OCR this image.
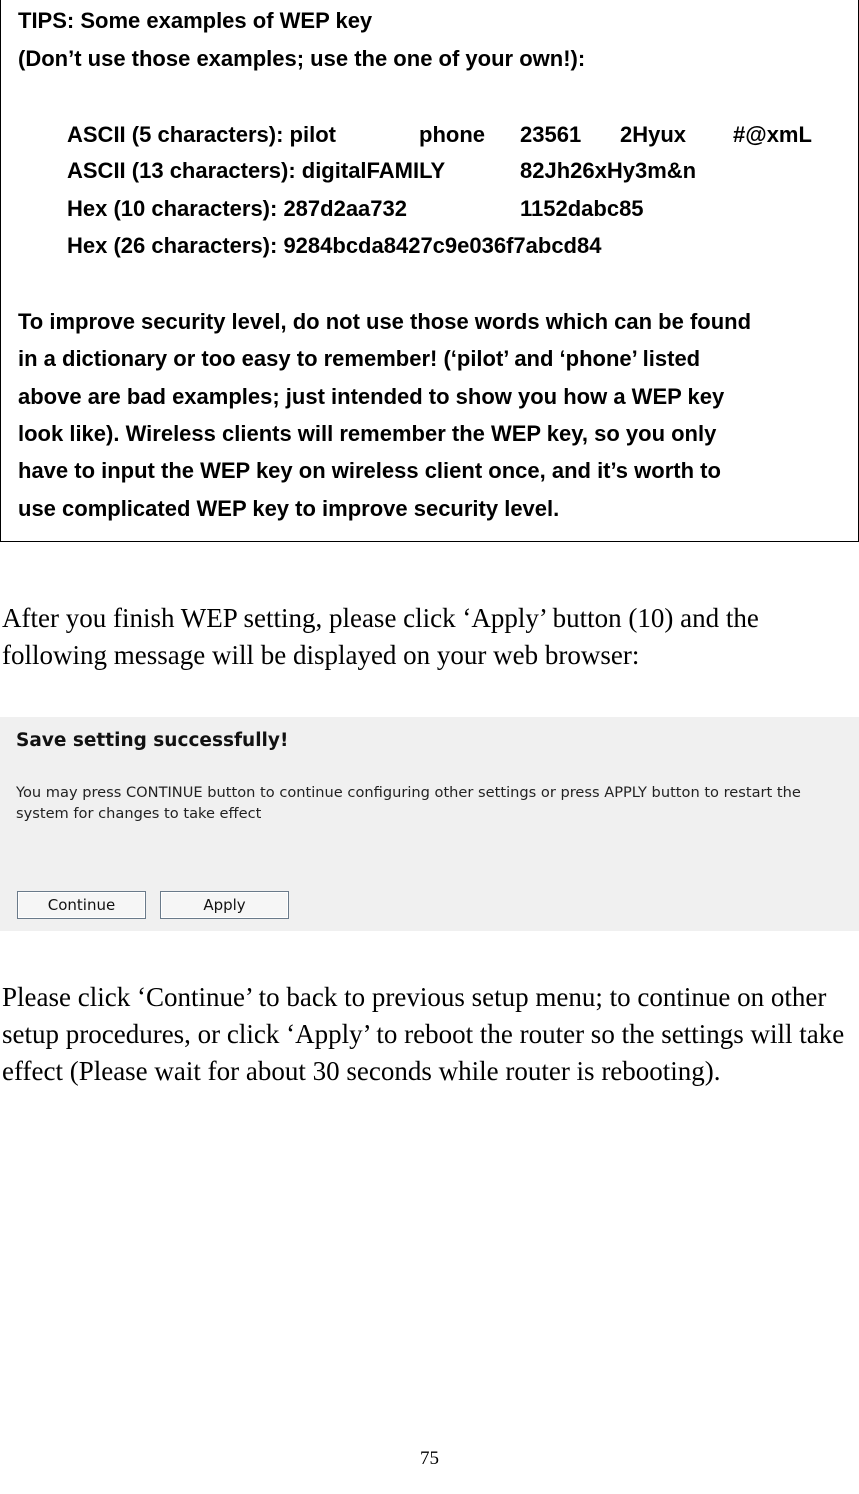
TIPS: Some examples of WEP key
(Don’t use those examples; use the one of your own!):
ASCII (5 characters): pilot	phone 23561 2Hyux #@xmL
ASCII (13 characters): digitalFAMILY	82Jh26xHy3m&n
Hex (10 characters): 287d2aa732	1152dabc85
Hex (26 characters): 9284bcda8427c9e036f7abcd84
To improve security level, do not use those words which can be found
in a dictionary or too easy to remember! (‘pilot’ and ‘phone’ listed
above are bad examples; just intended to show you how a WEP key
look like). Wireless clients will remember the WEP key, so you only
have to input the WEP key on wireless client once, and it’s worth to
use complicated WEP key to improve security level.

After you finish WEP setting, please click ‘Apply’ button (10) and the following message will be displayed on your web browser:

Save setting successfully!
You may press CONTINUE button to continue configuring other settings or press APPLY button to restart the system for changes to take effect
Continue	Apply

Please click ‘Continue’ to back to previous setup menu; to continue on other setup procedures, or click ‘Apply’ to reboot the router so the settings will take effect (Please wait for about 30 seconds while router is rebooting).

75
